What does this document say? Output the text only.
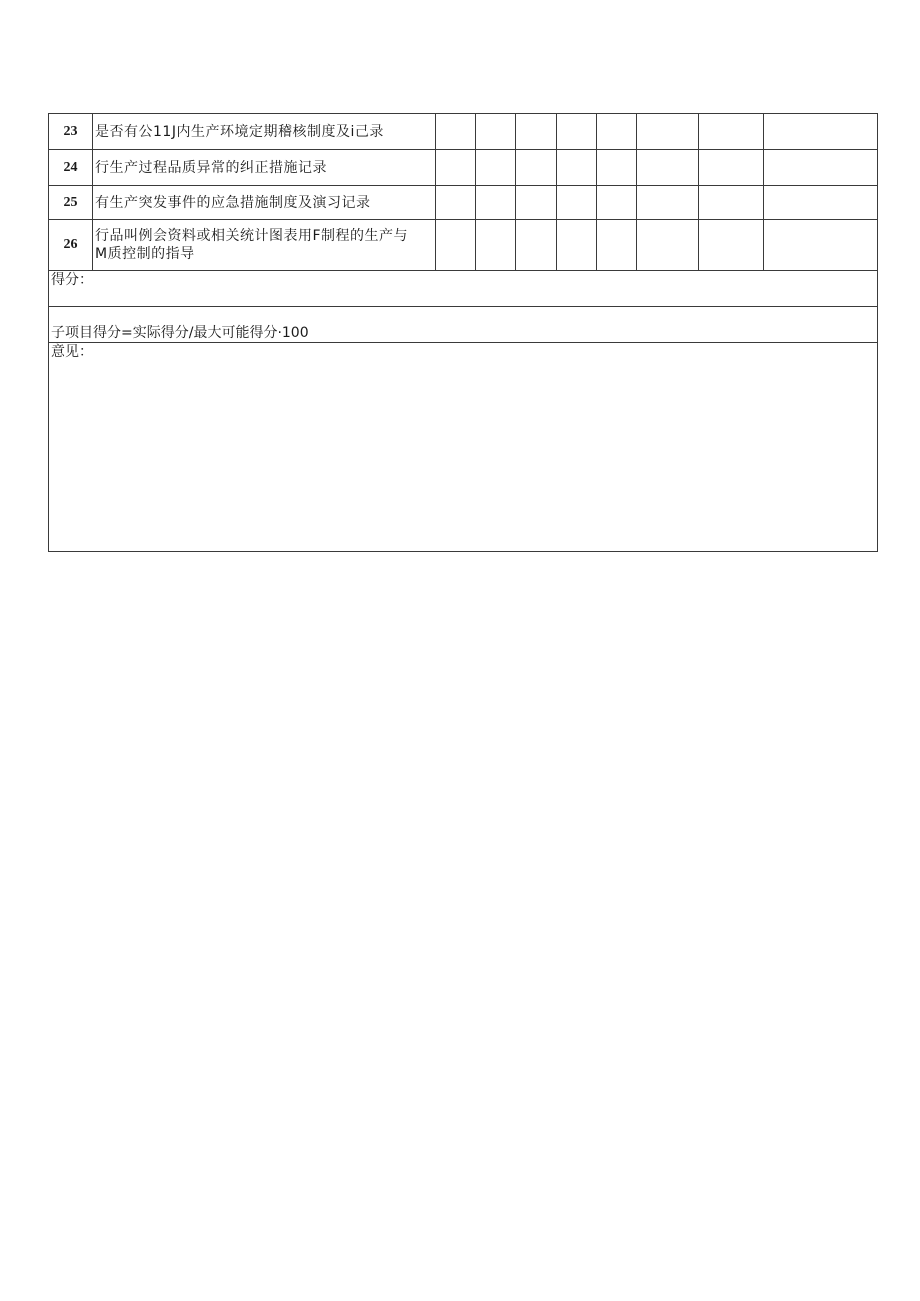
23	是否有公11J内生产环境定期稽核制度及i己录								
24	行生产过程品质异常的纠正措施记录								
25	有生产突发事件的应急措施制度及演习记录								
26	行品叫例会资料或相关统计图表用F制程的生产与
M质控制的指导								

得分：									
子项目得分=实际得分/最大可能得分·100									
意见：									
